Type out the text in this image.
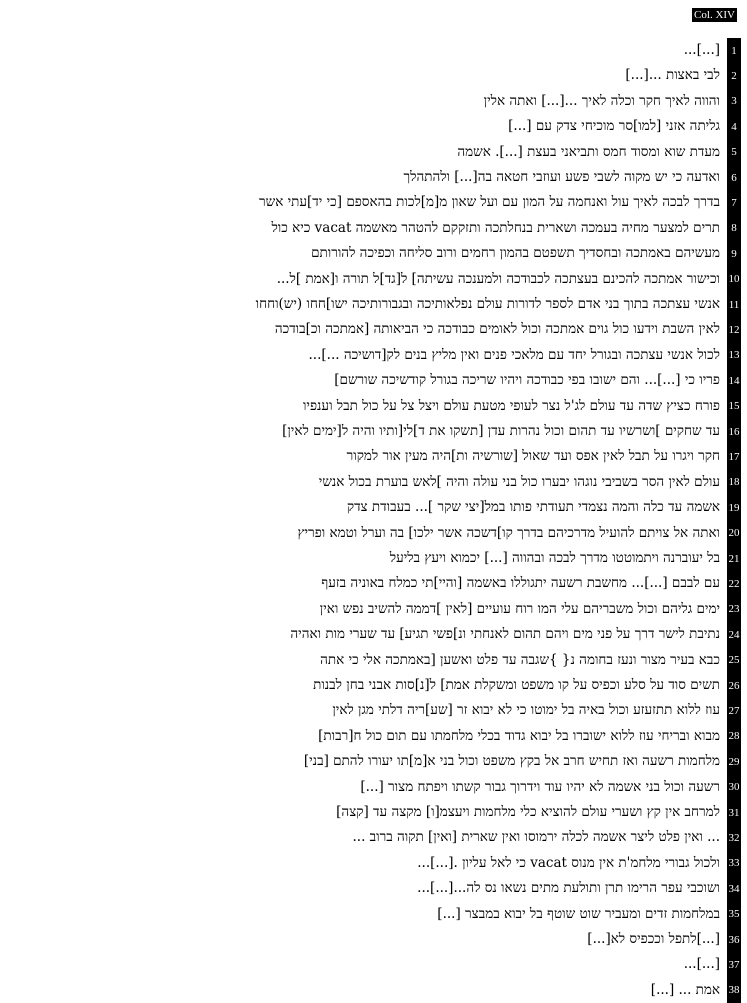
Col. XIV
[...]...	1
לבי באצות ...[...]	2
והווה לאיך חקר וכלה לאיך ...[...] ואתה אלין	3
גליתה אזני [למו]סר מוכיחי צדק עם [...]	4
מעדת שוא ומסוד חמס ותביאני בעצת [...]. אשמה	5
ואדעה כי יש מקוה לשבי פשע ועוזבי חטאה בה[...] ולהתהלך	6
בדרך לבכה לאיך עול ואנחמה על המון עם ועל שאון מ[מ]לכות בהאספם [כי יד]עתי אשר	7
תרים למצער מחיה בעמכה ושארית בנחלתכה ותזקקם להטהר מאשמה vacat כיא כול	8
מעשיהם באמתכה ובחסדיך תשפטם בהמון רחמים ורוב סליחה וכפיכה להורותם	9
וכישור אמתכה להכינם בעצתכה לכבודכה ולמענכה עשיתה] ל[גד]ל תורה ו[אמת ]ל... 10
אנשי עצתכה בתוך בני אדם לספר לדורות עולם נפלאותיכה ובגבורותיכה ישו]חחו (יש)וחחו 11
לאין השבת וידעו כול גוים אמתכה וכול לאומים כבודכה כי הביאותה [אמתכה וכ]בודכה 12
לכול אנשי עצתכה ובגורל יחד עם מלאכי פנים ואין מליץ בנים לק[דושיכה ...]... 13
פריו כי [...]... והם ישובו בפי כבודכה ויהיו שריכה בגורל קודשיכה שורשם] 14
פורח כציץ שדה עד עולם לג'ל נצר לעופי מטעת עולם ויצל צל על כול תבל וענפיו 15
עד שחקים ]ושרשיו עד תהום וכול נהרות עדן [תשקו את ד]לי[ותיו והיה ל[ימים לאין] 16
חקר ויגרו על תבל לאין אפס ועד שאול [שורשיה ות]היה מעין אור למקור 17
עולם לאין הסר בשביבי נוגהו יבערו כול בני עולה והיה ]לאש בוערת בכול אנשי 18
אשמה עד כלה והמה נצמדי תעודתי פותו במל[יצי שקר ]... בעבודת צדק 19
ואתה אל צויתם להועיל מדרכיהם בדרך קו]דשכה אשר ילכו] בה וערל וטמא ופריץ 20
בל יעוברנה ויתמוטטו מדרך לבכה ובהווה [...] יכמוא ויעץ בליעל 21
עם לבבם [...]... מחשבת רשעה יתגוללו באשמה [והיי]תי כמלח באוניה בזעף 22
ימים גליהם וכול משבריהם עלי המו רוח עועיים [לאין ]דממה להשיב נפש ואין 23
נתיבת לישר דרך על פני מים ויהם תהום לאנחתי ונ]פשי תגיע] עד שערי מות ואהיה 24
כבא בעיר מצור ונעז בחומה נ{ }שגבה עד פלט ואשען [באמתכה אלי כי אתה 25
תשים סוד על סלע וכפיס על קו משפט ומשקלת אמת] ל[נ]סות אבני בחן לבנות 26
עוז ללוא תתזעזע וכול באיה בל ימוטו כי לא יבוא זר [שע]ריה דלתי מגן לאין 27
מבוא ובריחי עוז ללוא ישוברו בל יבוא גדוד בכלי מלחמתו עם תום כול ח[רבות] 28
מלחמות רשעה ואז תחיש חרב אל בקץ משפט וכול בני א[מ]תו יעורו להתם [בני] 29
רשעה וכול בני אשמה לא יהיו עוד וידרוך גבור קשתו ויפתח מצור [...] 30
למרחב אין קץ ושערי עולם להוציא כלי מלחמות ויעצמ[ו] מקצה עד [קצה] 31
... ואין פלט ליצר אשמה לכלה ירמוסו ואין שארית [ואין] תקוה ברוב ... 32
ולכול גבורי מלחמ'ת אין מנוס vacat כי לאל עליון .[...]... 33
ושוכבי עפר הרימו תרן ותולעת מתים נשאו נס לה...[...]... 34
במלחמות זדים ומעביר שוט שוטף בל יבוא במבצר [...] 35
[...]לתפל וככפיס לא[...] 36
[...]... 37
אמת ... [...] 38
